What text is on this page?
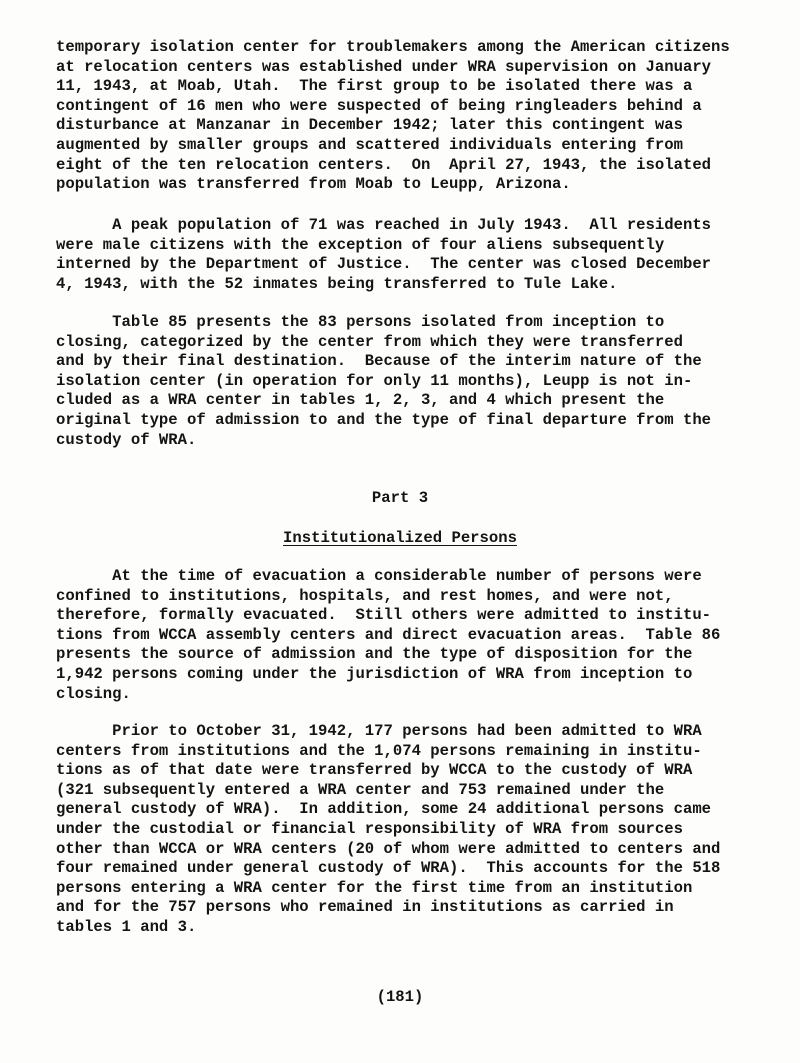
temporary isolation center for troublemakers among the American citizens
at relocation centers was established under WRA supervision on January
11, 1943, at Moab, Utah.  The first group to be isolated there was a
contingent of 16 men who were suspected of being ringleaders behind a
disturbance at Manzanar in December 1942; later this contingent was
augmented by smaller groups and scattered individuals entering from
eight of the ten relocation centers.  On  April 27, 1943, the isolated
population was transferred from Moab to Leupp, Arizona.
A peak population of 71 was reached in July 1943.  All residents
were male citizens with the exception of four aliens subsequently
interned by the Department of Justice.  The center was closed December
4, 1943, with the 52 inmates being transferred to Tule Lake.
Table 85 presents the 83 persons isolated from inception to
closing, categorized by the center from which they were transferred
and by their final destination.  Because of the interim nature of the
isolation center (in operation for only 11 months), Leupp is not in-
cluded as a WRA center in tables 1, 2, 3, and 4 which present the
original type of admission to and the type of final departure from the
custody of WRA.

Part 3

Institutionalized Persons

At the time of evacuation a considerable number of persons were
confined to institutions, hospitals, and rest homes, and were not,
therefore, formally evacuated.  Still others were admitted to institu-
tions from WCCA assembly centers and direct evacuation areas.  Table 86
presents the source of admission and the type of disposition for the
1,942 persons coming under the jurisdiction of WRA from inception to
closing.
Prior to October 31, 1942, 177 persons had been admitted to WRA
centers from institutions and the 1,074 persons remaining in institu-
tions as of that date were transferred by WCCA to the custody of WRA
(321 subsequently entered a WRA center and 753 remained under the
general custody of WRA).  In addition, some 24 additional persons came
under the custodial or financial responsibility of WRA from sources
other than WCCA or WRA centers (20 of whom were admitted to centers and
four remained under general custody of WRA).  This accounts for the 518
persons entering a WRA center for the first time from an institution
and for the 757 persons who remained in institutions as carried in
tables 1 and 3.

(181)
